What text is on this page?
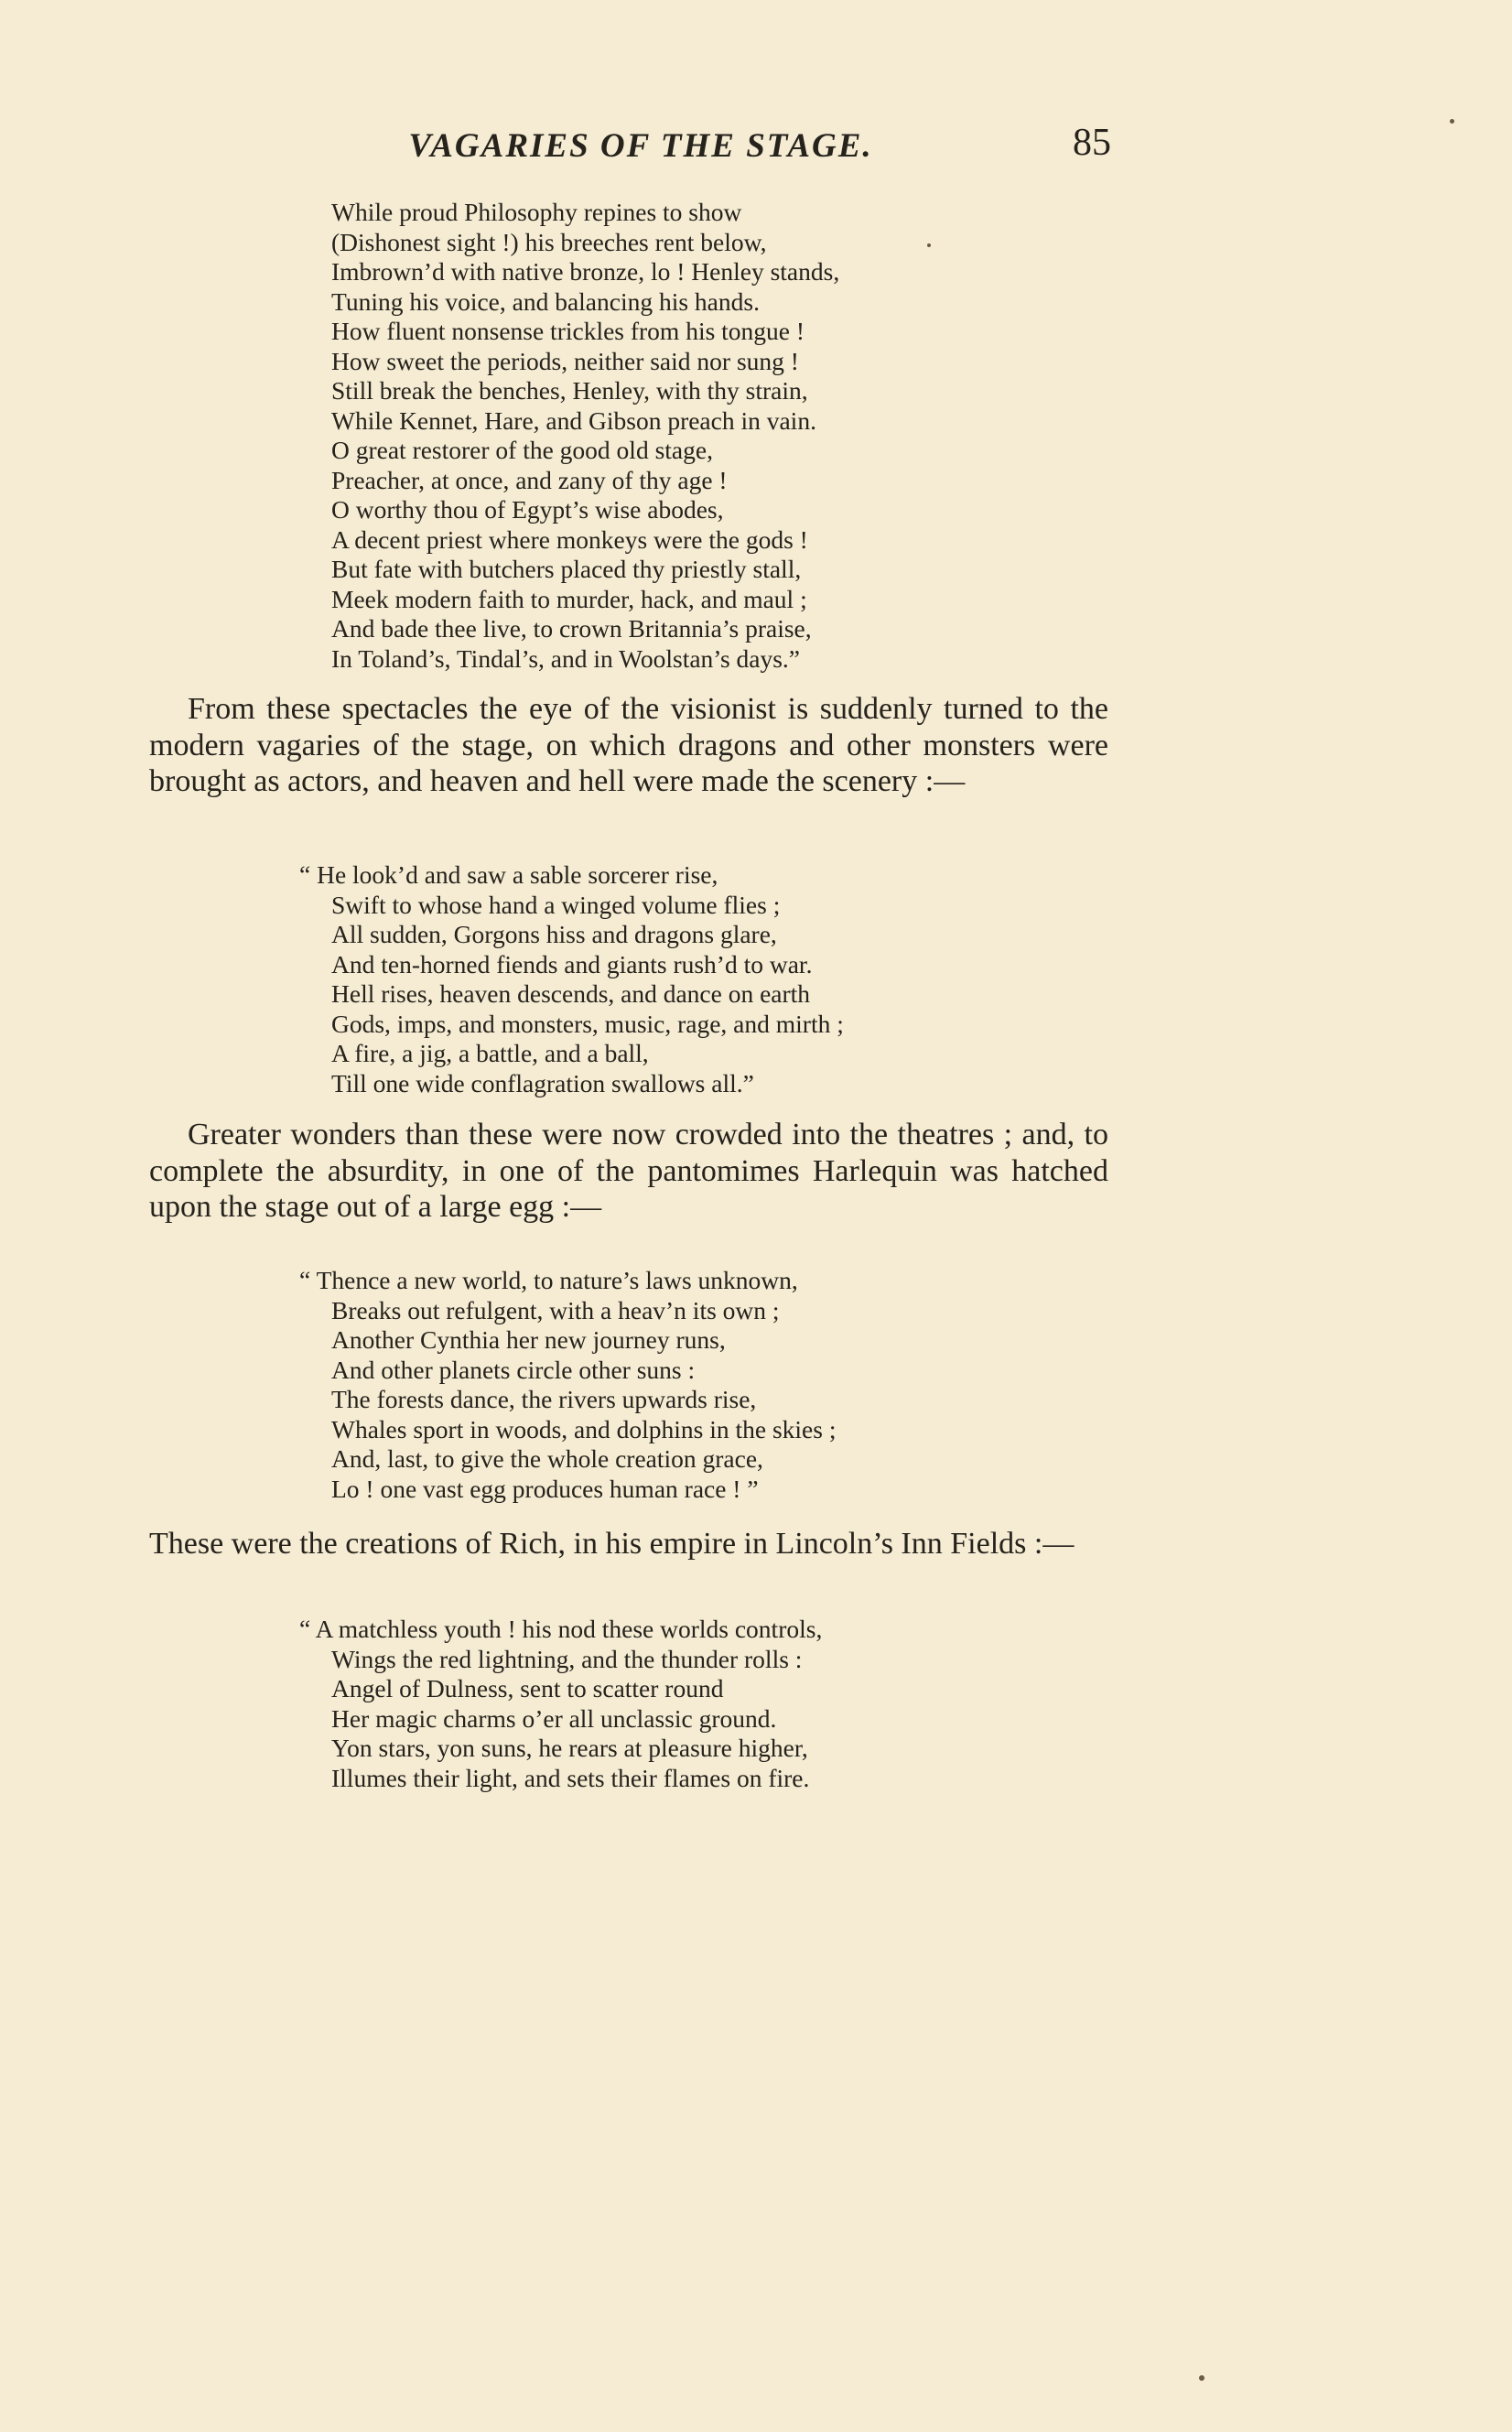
VAGARIES OF THE STAGE.	85
While proud Philosophy repines to show
(Dishonest sight !) his breeches rent below,
Imbrown’d with native bronze, lo ! Henley stands,
Tuning his voice, and balancing his hands.
How fluent nonsense trickles from his tongue !
How sweet the periods, neither said nor sung !
Still break the benches, Henley, with thy strain,
While Kennet, Hare, and Gibson preach in vain.
O great restorer of the good old stage,
Preacher, at once, and zany of thy age !
O worthy thou of Egypt’s wise abodes,
A decent priest where monkeys were the gods !
But fate with butchers placed thy priestly stall,
Meek modern faith to murder, hack, and maul ;
And bade thee live, to crown Britannia’s praise,
In Toland’s, Tindal’s, and in Woolstan’s days.”

From these spectacles the eye of the visionist is suddenly turned to the modern vagaries of the stage, on which dragons and other monsters were brought as actors, and heaven and hell were made the scenery :—

“ He look’d and saw a sable sorcerer rise,
Swift to whose hand a winged volume flies ;
All sudden, Gorgons hiss and dragons glare,
And ten-horned fiends and giants rush’d to war.
Hell rises, heaven descends, and dance on earth
Gods, imps, and monsters, music, rage, and mirth ;
A fire, a jig, a battle, and a ball,
Till one wide conflagration swallows all.”

Greater wonders than these were now crowded into the theatres ; and, to complete the absurdity, in one of the pantomimes Harlequin was hatched upon the stage out of a large egg :—

“ Thence a new world, to nature’s laws unknown,
Breaks out refulgent, with a heav’n its own ;
Another Cynthia her new journey runs,
And other planets circle other suns :
The forests dance, the rivers upwards rise,
Whales sport in woods, and dolphins in the skies ;
And, last, to give the whole creation grace,
Lo ! one vast egg produces human race ! ”

These were the creations of Rich, in his empire in Lincoln’s Inn Fields :—

“ A matchless youth ! his nod these worlds controls,
Wings the red lightning, and the thunder rolls :
Angel of Dulness, sent to scatter round
Her magic charms o’er all unclassic ground.
Yon stars, yon suns, he rears at pleasure higher,
Illumes their light, and sets their flames on fire.
